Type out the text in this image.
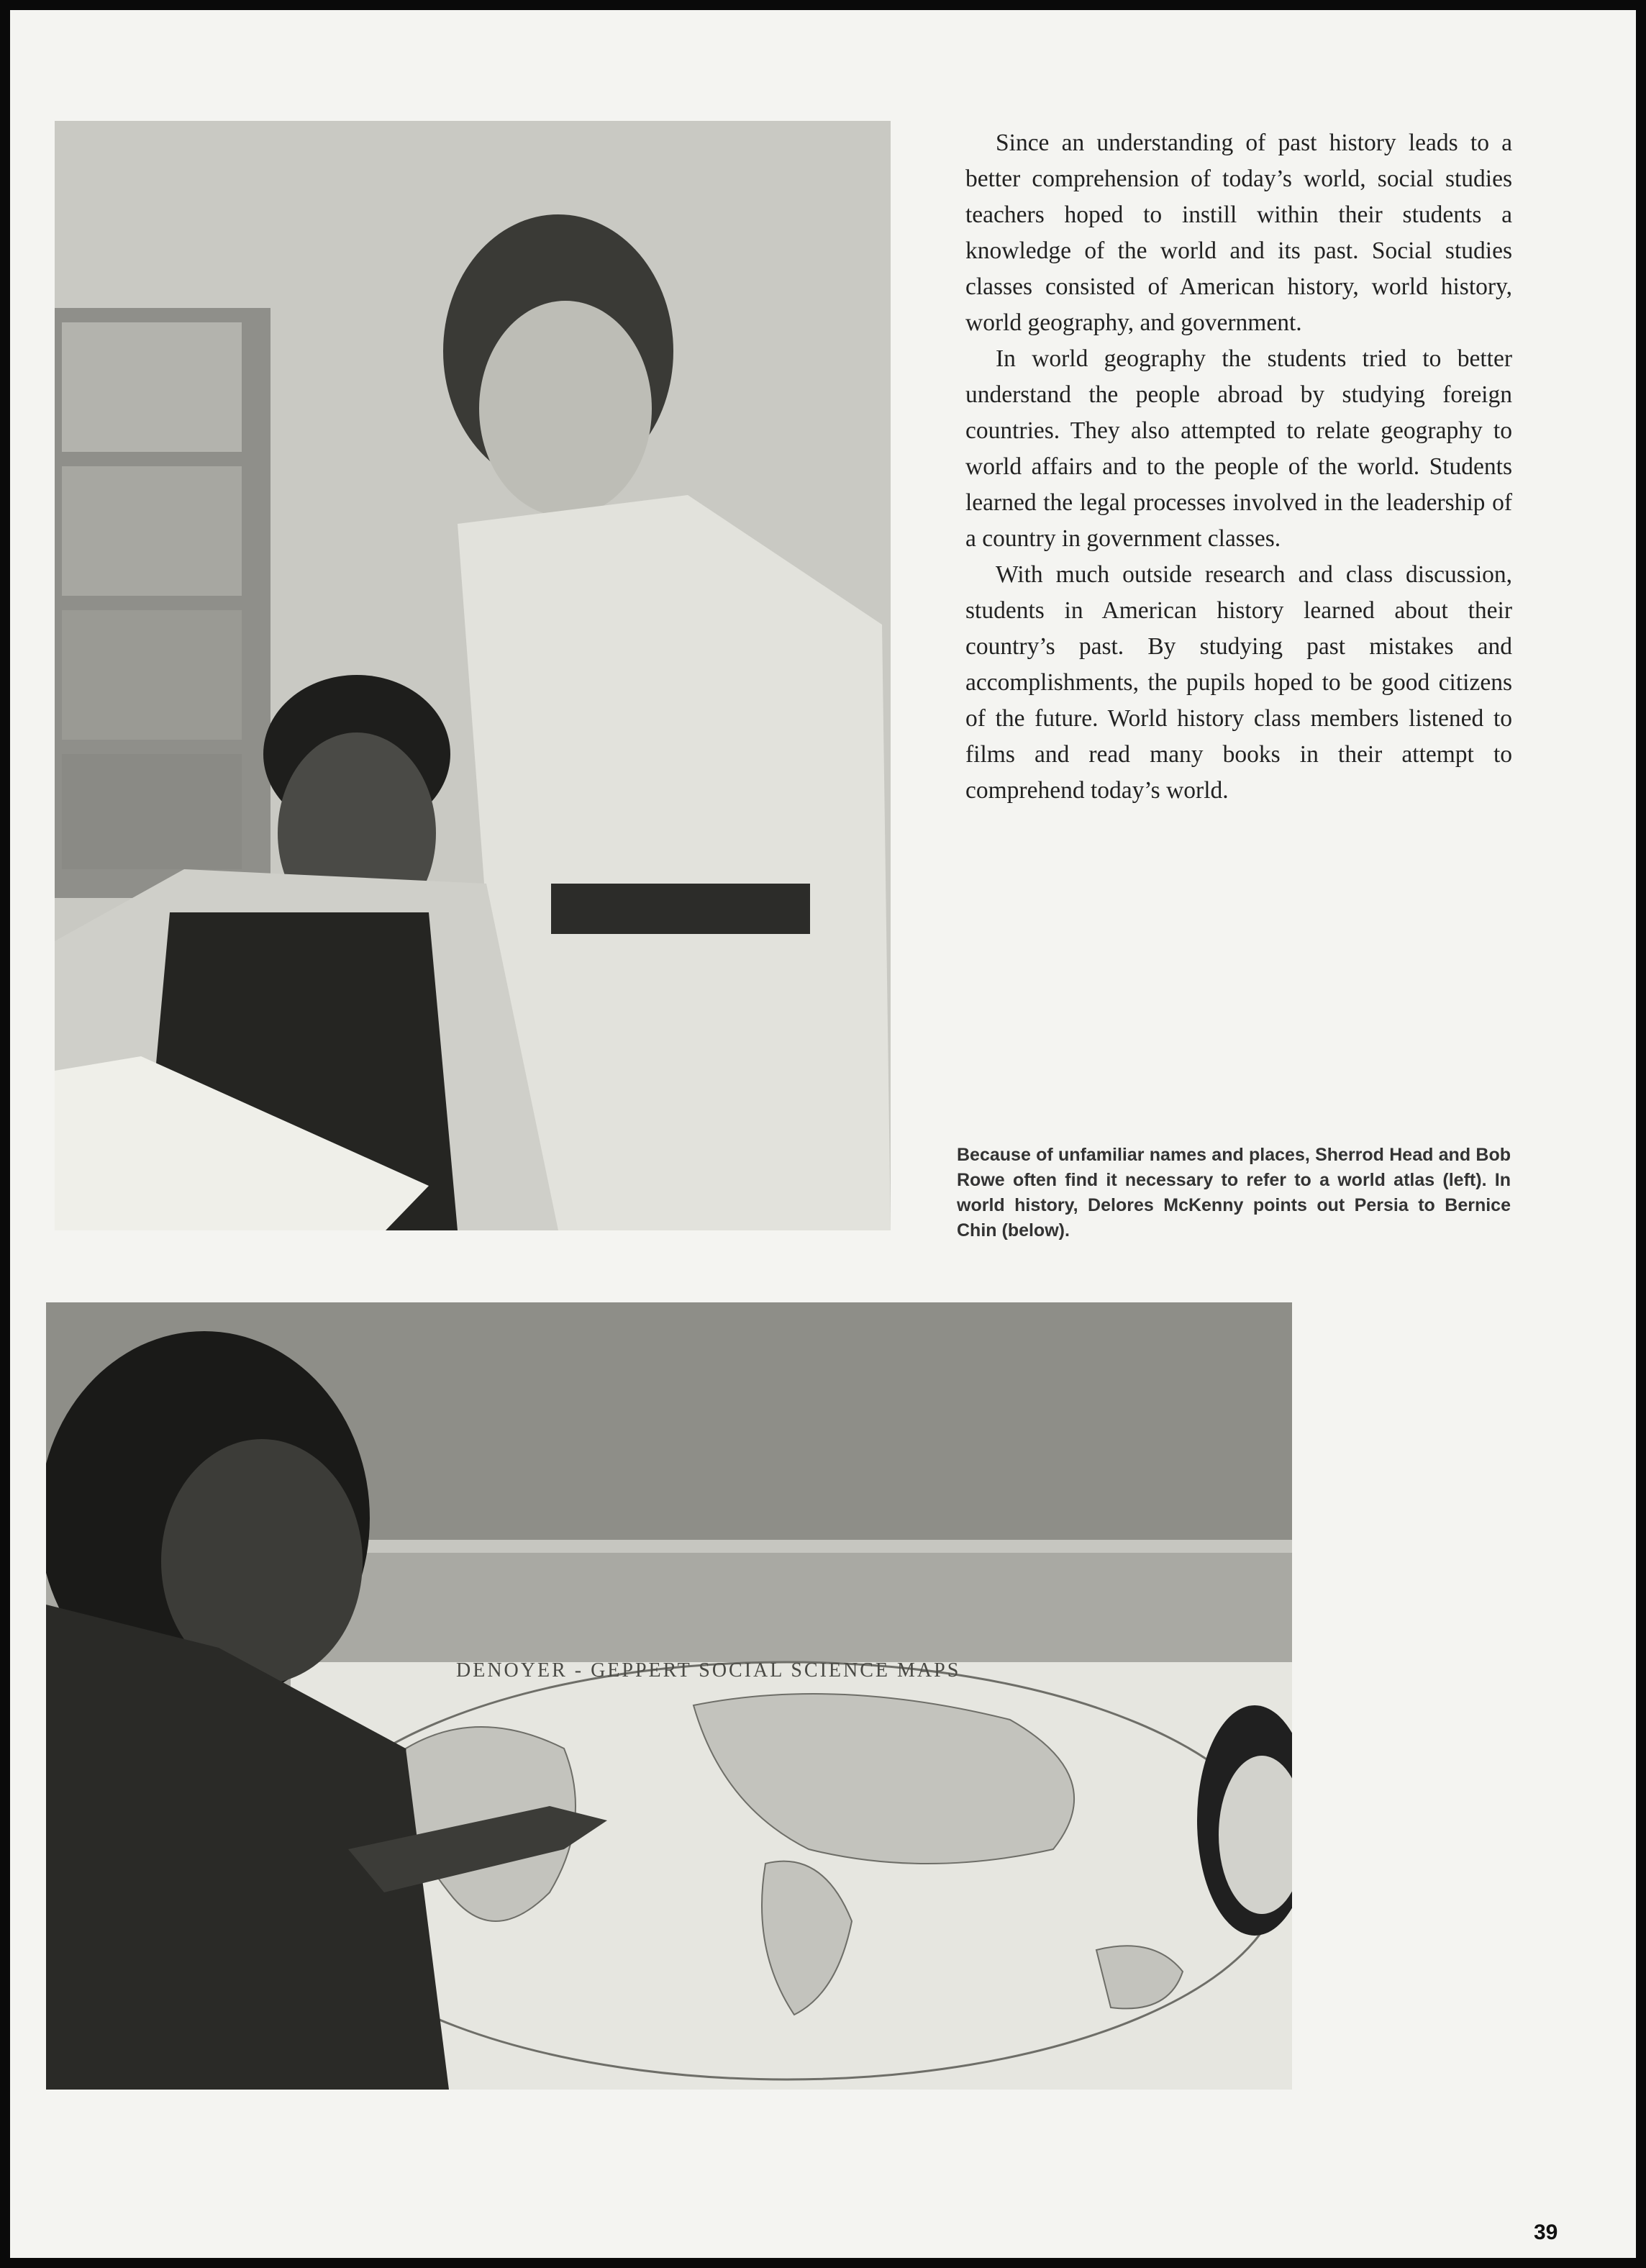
Since an understanding of past history leads to a better comprehension of today’s world, social studies teachers hoped to instill within their students a knowledge of the world and its past. Social studies classes consisted of American history, world history, world geography, and government.

In world geography the students tried to better understand the people abroad by studying foreign countries. They also attempted to relate geography to world affairs and to the people of the world. Students learned the legal processes involved in the leadership of a country in government classes.

With much outside research and class discussion, students in American history learned about their country’s past. By studying past mistakes and accomplishments, the pupils hoped to be good citizens of the future. World history class members listened to films and read many books in their attempt to comprehend today’s world.

Because of unfamiliar names and places, Sherrod Head and Bob Rowe often find it necessary to refer to a world atlas (left). In world history, Delores McKenny points out Persia to Bernice Chin (below).
DENOYER - GEPPERT SOCIAL SCIENCE MAPS
39
